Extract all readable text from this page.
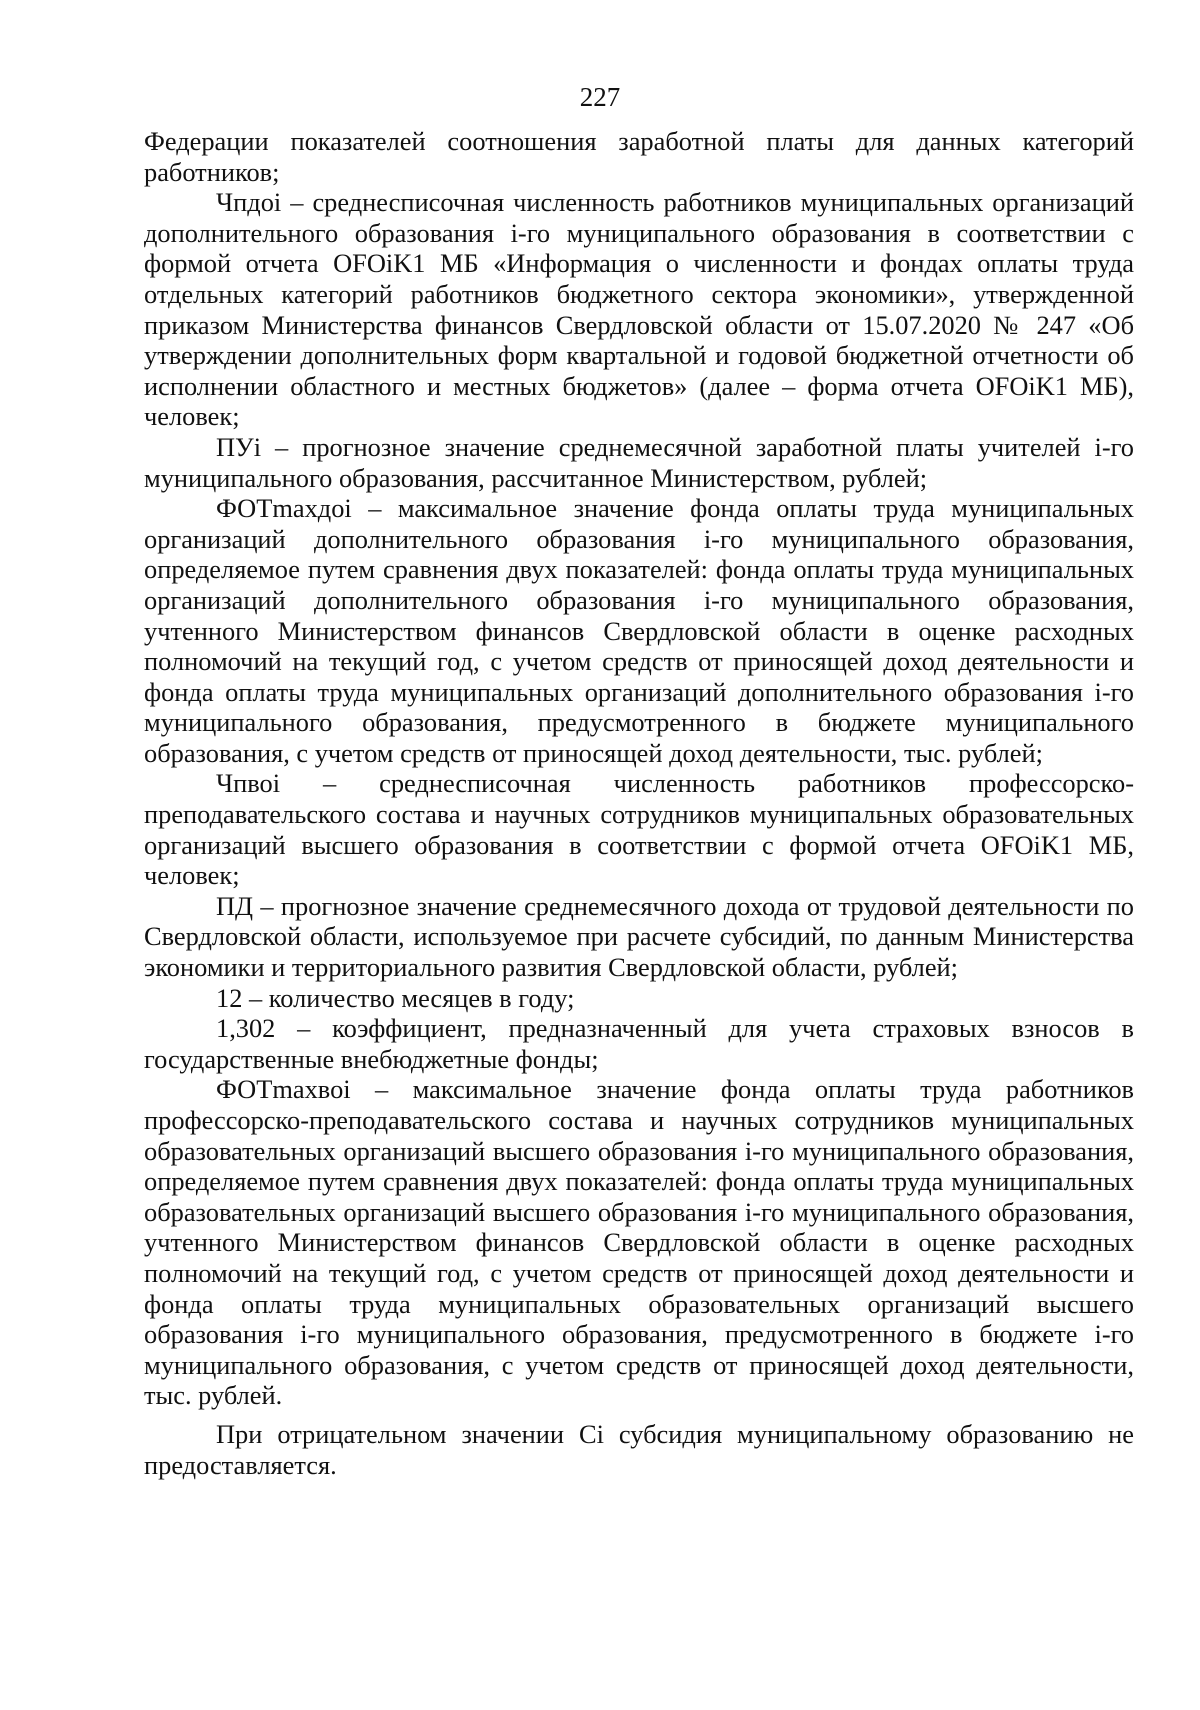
227

Федерации показателей соотношения заработной платы для данных категорий работников;

Чпдоi – среднесписочная численность работников муниципальных организаций дополнительного образования i-го муниципального образования в соответствии с формой отчета OFOiK1 МБ «Информация о численности и фондах оплаты труда отдельных категорий работников бюджетного сектора экономики», утвержденной приказом Министерства финансов Свердловской области от 15.07.2020 № 247 «Об утверждении дополнительных форм квартальной и годовой бюджетной отчетности об исполнении областного и местных бюджетов» (далее – форма отчета OFOiK1 МБ), человек;

ПУi – прогнозное значение среднемесячной заработной платы учителей i-го муниципального образования, рассчитанное Министерством, рублей;

ФОТmaxдoi – максимальное значение фонда оплаты труда муниципальных организаций дополнительного образования i-го муниципального образования, определяемое путем сравнения двух показателей: фонда оплаты труда муниципальных организаций дополнительного образования i-го муниципального образования, учтенного Министерством финансов Свердловской области в оценке расходных полномочий на текущий год, с учетом средств от приносящей доход деятельности и фонда оплаты труда муниципальных организаций дополнительного образования i-го муниципального образования, предусмотренного в бюджете муниципального образования, с учетом средств от приносящей доход деятельности, тыс. рублей;

Чпвоi – среднесписочная численность работников профессорско-преподавательского состава и научных сотрудников муниципальных образовательных организаций высшего образования в соответствии с формой отчета OFOiK1 МБ, человек;

ПД – прогнозное значение среднемесячного дохода от трудовой деятельности по Свердловской области, используемое при расчете субсидий, по данным Министерства экономики и территориального развития Свердловской области, рублей;

12 – количество месяцев в году;

1,302 – коэффициент, предназначенный для учета страховых взносов в государственные внебюджетные фонды;

ФОТmaxвоi – максимальное значение фонда оплаты труда работников профессорско-преподавательского состава и научных сотрудников муниципальных образовательных организаций высшего образования i-го муниципального образования, определяемое путем сравнения двух показателей: фонда оплаты труда муниципальных образовательных организаций высшего образования i-го муниципального образования, учтенного Министерством финансов Свердловской области в оценке расходных полномочий на текущий год, с учетом средств от приносящей доход деятельности и фонда оплаты труда муниципальных образовательных организаций высшего образования i-го муниципального образования, предусмотренного в бюджете i-го муниципального образования, с учетом средств от приносящей доход деятельности, тыс. рублей.

При отрицательном значении Сi субсидия муниципальному образованию не предоставляется.
